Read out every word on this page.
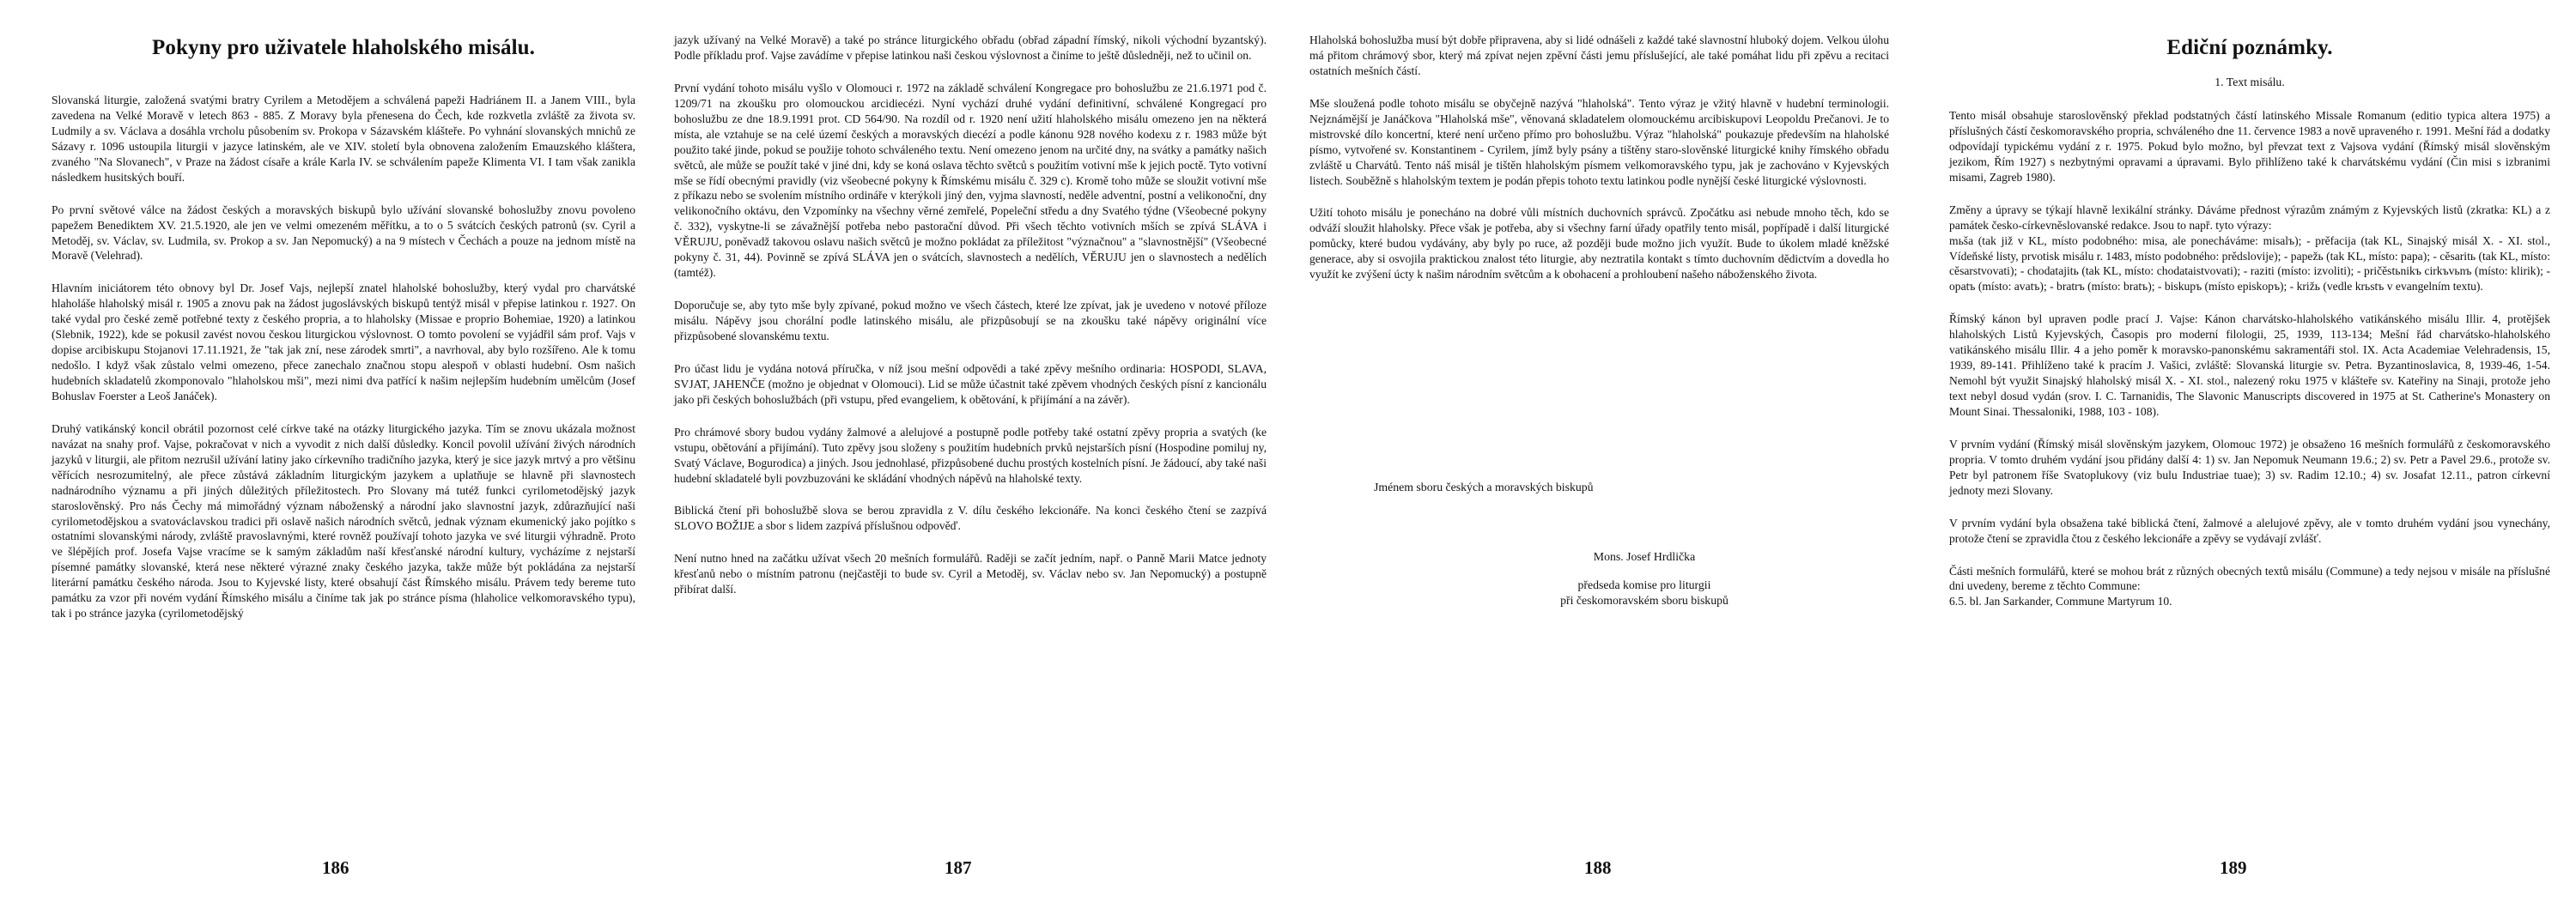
Pokyny pro uživatele hlaholského misálu.

Slovanská liturgie, založená svatými bratry Cyrilem a Metodějem a schválená papeži Hadriánem II. a Janem VIII., byla zavedena na Velké Moravě v letech 863 - 885. Z Moravy byla přenesena do Čech, kde rozkvetla zvláště za života sv. Ludmily a sv. Václava a dosáhla vrcholu působením sv. Prokopa v Sázavském klášteře. Po vyhnání slovanských mnichů ze Sázavy r. 1096 ustoupila liturgii v jazyce latinském, ale ve XIV. století byla obnovena založením Emauzského kláštera, zvaného "Na Slovanech", v Praze na žádost císaře a krále Karla IV. se schválením papeže Klimenta VI. I tam však zanikla následkem husitských bouří.

Po první světové válce na žádost českých a moravských biskupů bylo užívání slovanské bohoslužby znovu povoleno papežem Benediktem XV. 21.5.1920, ale jen ve velmi omezeném měřítku, a to o 5 svátcích českých patronů (sv. Cyril a Metoděj, sv. Václav, sv. Ludmila, sv. Prokop a sv. Jan Nepomucký) a na 9 místech v Čechách a pouze na jednom místě na Moravě (Velehrad).

Hlavním iniciátorem této obnovy byl Dr. Josef Vajs, nejlepší znatel hlaholské bohoslužby, který vydal pro charvátské hlaholáše hlaholský misál r. 1905 a znovu pak na žádost jugoslávských biskupů tentýž misál v přepise latinkou r. 1927. On také vydal pro české země potřebné texty z českého propria, a to hlaholsky (Missae e proprio Bohemiae, 1920) a latinkou (Slebnik, 1922), kde se pokusil zavést novou českou liturgickou výslovnost. O tomto povolení se vyjádřil sám prof. Vajs v dopise arcibiskupu Stojanovi 17.11.1921, že "tak jak zní, nese zárodek smrti", a navrhoval, aby bylo rozšířeno. Ale k tomu nedošlo. I když však zůstalo velmi omezeno, přece zanechalo značnou stopu alespoň v oblasti hudební. Osm našich hudebních skladatelů zkomponovalo "hlaholskou mši", mezi nimi dva patřící k našim nejlepším hudebním umělcům (Josef Bohuslav Foerster a Leoš Janáček).

Druhý vatikánský koncil obrátil pozornost celé církve také na otázky liturgického jazyka. Tím se znovu ukázala možnost navázat na snahy prof. Vajse, pokračovat v nich a vyvodit z nich další důsledky. Koncil povolil užívání živých národních jazyků v liturgii, ale přitom nezrušil užívání latiny jako církevního tradičního jazyka, který je sice jazyk mrtvý a pro většinu věřících nesrozumitelný, ale přece zůstává základním liturgickým jazykem a uplatňuje se hlavně při slavnostech nadnárodního významu a při jiných důležitých příležitostech. Pro Slovany má tutéž funkci cyrilometodějský jazyk staroslověnský. Pro nás Čechy má mimořádný význam náboženský a národní jako slavnostní jazyk, zdůrazňující naši cyrilometodějskou a svatováclavskou tradici při oslavě našich národních světců, jednak význam ekumenický jako pojítko s ostatními slovanskými národy, zvláště pravoslavnými, které rovněž používají tohoto jazyka ve své liturgii výhradně. Proto ve šlépějích prof. Josefa Vajse vracíme se k samým základům naší křesťanské národní kultury, vycházíme z nejstarší písemné památky slovanské, která nese některé výrazné znaky českého jazyka, takže může být pokládána za nejstarší literární památku českého národa. Jsou to Kyjevské listy, které obsahují část Římského misálu. Právem tedy bereme tuto památku za vzor při novém vydání Římského misálu a činíme tak jak po stránce písma (hlaholice velkomoravského typu), tak i po stránce jazyka (cyrilometodějský

186

jazyk užívaný na Velké Moravě) a také po stránce liturgického obřadu (obřad západní římský, nikoli východní byzantský). Podle příkladu prof. Vajse zavádíme v přepise latinkou naši českou výslovnost a činíme to ještě důsledněji, než to učinil on.

První vydání tohoto misálu vyšlo v Olomouci r. 1972 na základě schválení Kongregace pro bohoslužbu ze 21.6.1971 pod č. 1209/71 na zkoušku pro olomouckou arcidiecézi. Nyní vychází druhé vydání definitivní, schválené Kongregací pro bohoslužbu ze dne 18.9.1991 prot. CD 564/90. Na rozdíl od r. 1920 není užití hlaholského misálu omezeno jen na některá místa, ale vztahuje se na celé území českých a moravských diecézí a podle kánonu 928 nového kodexu z r. 1983 může být použito také jinde, pokud se použije tohoto schváleného textu. Není omezeno jenom na určité dny, na svátky a památky našich světců, ale může se použít také v jiné dni, kdy se koná oslava těchto světců s použitím votivní mše k jejich poctě. Tyto votivní mše se řídí obecnými pravidly (viz všeobecné pokyny k Římskému misálu č. 329 c). Kromě toho může se sloužit votivní mše z příkazu nebo se svolením místního ordináře v kterýkoli jiný den, vyjma slavností, neděle adventní, postní a velikonoční, dny velikonočního oktávu, den Vzpomínky na všechny věrné zemřelé, Popeleční středu a dny Svatého týdne (Všeobecné pokyny č. 332), vyskytne-li se závažnější potřeba nebo pastorační důvod. Při všech těchto votivních mších se zpívá SLÁVA i VĚRUJU, poněvadž takovou oslavu našich světců je možno pokládat za příležitost "význačnou" a "slavnostnější" (Všeobecné pokyny č. 31, 44). Povinně se zpívá SLÁVA jen o svátcích, slavnostech a nedělích, VĚRUJU jen o slavnostech a nedělích (tamtéž).

Doporučuje se, aby tyto mše byly zpívané, pokud možno ve všech částech, které lze zpívat, jak je uvedeno v notové příloze misálu. Nápěvy jsou chorální podle latinského misálu, ale přizpůsobují se na zkoušku také nápěvy originální více přizpůsobené slovanskému textu.

Pro účast lidu je vydána notová příručka, v níž jsou mešní odpovědi a také zpěvy mešního ordinaria: HOSPODI, SLAVA, SVJAT, JAHENČE (možno je objednat v Olomouci). Lid se může účastnit také zpěvem vhodných českých písní z kancionálu jako při českých bohoslužbách (při vstupu, před evangeliem, k obětování, k přijímání a na závěr).

Pro chrámové sbory budou vydány žalmové a alelujové a postupně podle potřeby také ostatní zpěvy propria a svatých (ke vstupu, obětování a přijímání). Tuto zpěvy jsou složeny s použitím hudebních prvků nejstarších písní (Hospodine pomiluj ny, Svatý Václave, Bogurodica) a jiných. Jsou jednohlasé, přizpůsobené duchu prostých kostelních písní. Je žádoucí, aby také naši hudební skladatelé byli povzbuzováni ke skládání vhodných nápěvů na hlaholské texty.

Biblická čtení při bohoslužbě slova se berou zpravidla z V. dílu českého lekcionáře. Na konci českého čtení se zazpívá SLOVO BOŽIJE a sbor s lidem zazpívá příslušnou odpověď.

Není nutno hned na začátku užívat všech 20 mešních formulářů. Raději se začít jedním, např. o Panně Marii Matce jednoty křesťanů nebo o místním patronu (nejčastěji to bude sv. Cyril a Metoděj, sv. Václav nebo sv. Jan Nepomucký) a postupně přibírat další.

187

Hlaholská bohoslužba musí být dobře připravena, aby si lidé odnášeli z každé také slavnostní hluboký dojem. Velkou úlohu má přitom chrámový sbor, který má zpívat nejen zpěvní části jemu příslušející, ale také pomáhat lidu při zpěvu a recitaci ostatních mešních částí.

Mše sloužená podle tohoto misálu se obyčejně nazývá "hlaholská". Tento výraz je vžitý hlavně v hudební terminologii. Nejznámější je Janáčkova "Hlaholská mše", věnovaná skladatelem olomouckému arcibiskupovi Leopoldu Prečanovi. Je to mistrovské dílo koncertní, které není určeno přímo pro bohoslužbu. Výraz "hlaholská" poukazuje především na hlaholské písmo, vytvořené sv. Konstantinem - Cyrilem, jímž byly psány a tištěny staro-slověnské liturgické knihy římského obřadu zvláště u Charvátů. Tento náš misál je tištěn hlaholským písmem velkomoravského typu, jak je zachováno v Kyjevských listech. Souběžně s hlaholským textem je podán přepis tohoto textu latinkou podle nynější české liturgické výslovnosti.

Užití tohoto misálu je ponecháno na dobré vůli místních duchovních správců. Zpočátku asi nebude mnoho těch, kdo se odváží sloužit hlaholsky. Přece však je potřeba, aby si všechny farní úřady opatřily tento misál, popřípadě i další liturgické pomůcky, které budou vydávány, aby byly po ruce, až později bude možno jich využít. Bude to úkolem mladé kněžské generace, aby si osvojila praktickou znalost této liturgie, aby neztratila kontakt s tímto duchovním dědictvím a dovedla ho využít ke zvýšení úcty k našim národním světcům a k obohacení a prohloubení našeho náboženského života.

Jménem sboru českých a moravských biskupů
Mons. Josef Hrdlička
předseda komise pro liturgii
při českomoravském sboru biskupů
188
Ediční poznámky.
1. Text misálu.

Tento misál obsahuje staroslověnský překlad podstatných částí latinského Missale Romanum (editio typica altera 1975) a příslušných částí českomoravského propria, schváleného dne 11. července 1983 a nově upraveného r. 1991. Mešní řád a dodatky odpovídají typickému vydání z r. 1975. Pokud bylo možno, byl převzat text z Vajsova vydání (Římský misál slověnským jezikom, Řím 1927) s nezbytnými opravami a úpravami. Bylo přihlíženo také k charvátskému vydání (Čin misi s izbranimi misami, Zagreb 1980).

Změny a úpravy se týkají hlavně lexikální stránky. Dáváme přednost výrazům známým z Kyjevských listů (zkratka: KL) a z památek česko-církevněslovanské redakce. Jsou to např. tyto výrazy:
mьša (tak již v KL, místo podobného: misa, ale ponecháváme: misalъ); - prěfacija (tak KL, Sinajský misál X. - XI. stol., Vídeňské listy, prvotisk misálu r. 1483, místo podobného: prědslovije); - papežь (tak KL, místo: papa); - cěsaritь (tak KL, místo: cěsarstvovati); - chodatajitь (tak KL, místo: chodataistvovati); - raziti (místo: izvoliti); - pričěstьnikъ cirkъvьnъ (místo: klirik); - opatъ (místo: avatъ); - bratrъ (místo: bratъ); - biskupъ (místo episkopъ); - križь (vedle krьstъ v evangelním textu).

Římský kánon byl upraven podle prací J. Vajse: Kánon charvátsko-hlaholského vatikánského misálu Illir. 4, protějšek hlaholských Listů Kyjevských, Časopis pro moderní filologii, 25, 1939, 113-134; Mešní řád charvátsko-hlaholského vatikánského misálu Illir. 4 a jeho poměr k moravsko-panonskému sakramentáři stol. IX. Acta Academiae Velehradensis, 15, 1939, 89-141. Přihlíženo také k pracím J. Vašici, zvláště: Slovanská liturgie sv. Petra. Byzantinoslavica, 8, 1939-46, 1-54. Nemohl být využit Sinajský hlaholský misál X. - XI. stol., nalezený roku 1975 v klášteře sv. Kateřiny na Sinaji, protože jeho text nebyl dosud vydán (srov. I. C. Tarnanidis, The Slavonic Manuscripts discovered in 1975 at St. Catherine's Monastery on Mount Sinai. Thessaloniki, 1988, 103 - 108).

V prvním vydání (Římský misál slověnským jazykem, Olomouc 1972) je obsaženo 16 mešních formulářů z českomoravského propria. V tomto druhém vydání jsou přidány další 4: 1) sv. Jan Nepomuk Neumann 19.6.; 2) sv. Petr a Pavel 29.6., protože sv. Petr byl patronem říše Svatoplukovy (viz bulu Industriae tuae); 3) sv. Radim 12.10.; 4) sv. Josafat 12.11., patron církevní jednoty mezi Slovany.

V prvním vydání byla obsažena také biblická čtení, žalmové a alelujové zpěvy, ale v tomto druhém vydání jsou vynechány, protože čtení se zpravidla čtou z českého lekcionáře a zpěvy se vydávají zvlášť.

Části mešních formulářů, které se mohou brát z různých obecných textů misálu (Commune) a tedy nejsou v misále na příslušné dni uvedeny, bereme z těchto Commune:
6.5. bl. Jan Sarkander, Commune Martyrum 10.

189
